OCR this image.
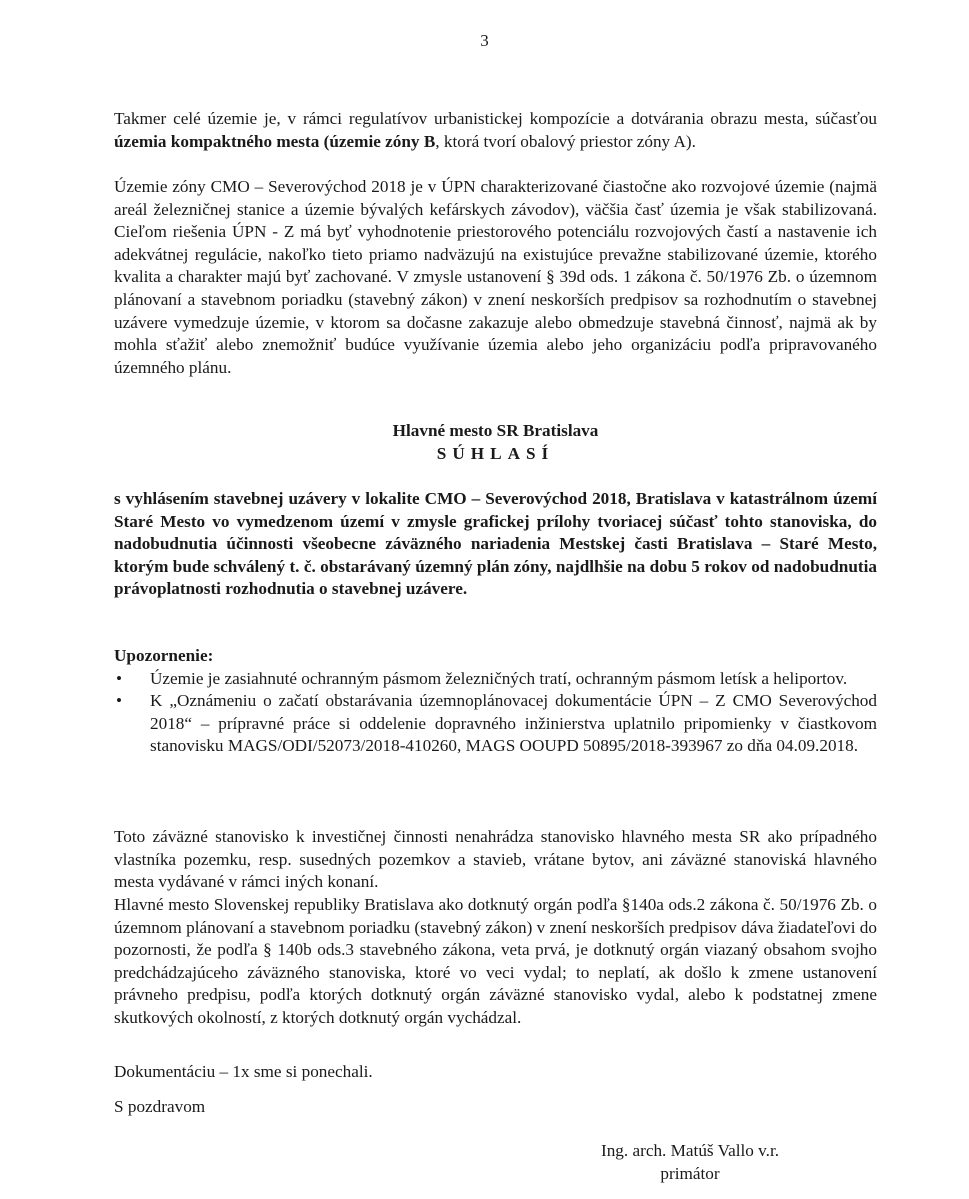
3

Takmer celé územie je, v rámci regulatívov urbanistickej kompozície a dotvárania obrazu mesta, súčasťou územia kompaktného mesta (územie zóny B, ktorá tvorí obalový priestor zóny A).

Územie zóny CMO – Severovýchod 2018 je v ÚPN charakterizované čiastočne ako rozvojové územie (najmä areál železničnej stanice a územie bývalých kefárskych závodov), väčšia časť územia je však stabilizovaná. Cieľom riešenia ÚPN - Z má byť vyhodnotenie priestorového potenciálu rozvojových častí a nastavenie ich adekvátnej regulácie, nakoľko tieto priamo nadväzujú na existujúce prevažne stabilizované územie, ktorého kvalita a charakter majú byť zachované. V zmysle ustanovení § 39d ods. 1 zákona č. 50/1976 Zb. o územnom plánovaní a stavebnom poriadku (stavebný zákon) v znení neskorších predpisov sa rozhodnutím o stavebnej uzávere vymedzuje územie, v ktorom sa dočasne zakazuje alebo obmedzuje stavebná činnosť, najmä ak by mohla sťažiť alebo znemožniť budúce využívanie územia alebo jeho organizáciu podľa pripravovaného územného plánu.

Hlavné mesto SR Bratislava
SÚHLASÍ

s vyhlásením stavebnej uzávery v lokalite CMO – Severovýchod 2018, Bratislava v katastrálnom území Staré Mesto vo vymedzenom území v zmysle grafickej prílohy tvoriacej súčasť tohto stanoviska, do nadobudnutia účinnosti všeobecne záväzného nariadenia Mestskej časti Bratislava – Staré Mesto, ktorým bude schválený t. č. obstarávaný územný plán zóny, najdlhšie na dobu 5 rokov od nadobudnutia právoplatnosti rozhodnutia o stavebnej uzávere.

Upozornenie:
• Územie je zasiahnuté ochranným pásmom železničných tratí, ochranným pásmom letísk a heliportov.
• K „Oznámeniu o začatí obstarávania územnoplánovacej dokumentácie ÚPN – Z CMO Severovýchod 2018“ – prípravné práce si oddelenie dopravného inžinierstva uplatnilo pripomienky v čiastkovom stanovisku MAGS/ODI/52073/2018-410260, MAGS OOUPD 50895/2018-393967 zo dňa 04.09.2018.

Toto záväzné stanovisko k investičnej činnosti nenahrádza stanovisko hlavného mesta SR ako prípadného vlastníka pozemku, resp. susedných pozemkov a stavieb, vrátane bytov, ani záväzné stanoviská hlavného mesta vydávané v rámci iných konaní.

Hlavné mesto Slovenskej republiky Bratislava ako dotknutý orgán podľa §140a ods.2 zákona č. 50/1976 Zb. o územnom plánovaní a stavebnom poriadku (stavebný zákon) v znení neskorších predpisov dáva žiadateľovi do pozornosti, že podľa § 140b ods.3 stavebného zákona, veta prvá, je dotknutý orgán viazaný obsahom svojho predchádzajúceho záväzného stanoviska, ktoré vo veci vydal; to neplatí, ak došlo k zmene ustanovení právneho predpisu, podľa ktorých dotknutý orgán záväzné stanovisko vydal, alebo k podstatnej zmene skutkových okolností, z ktorých dotknutý orgán vychádzal.

Dokumentáciu – 1x sme si ponechali.

S pozdravom

Ing. arch. Matúš Vallo v.r.
primátor
